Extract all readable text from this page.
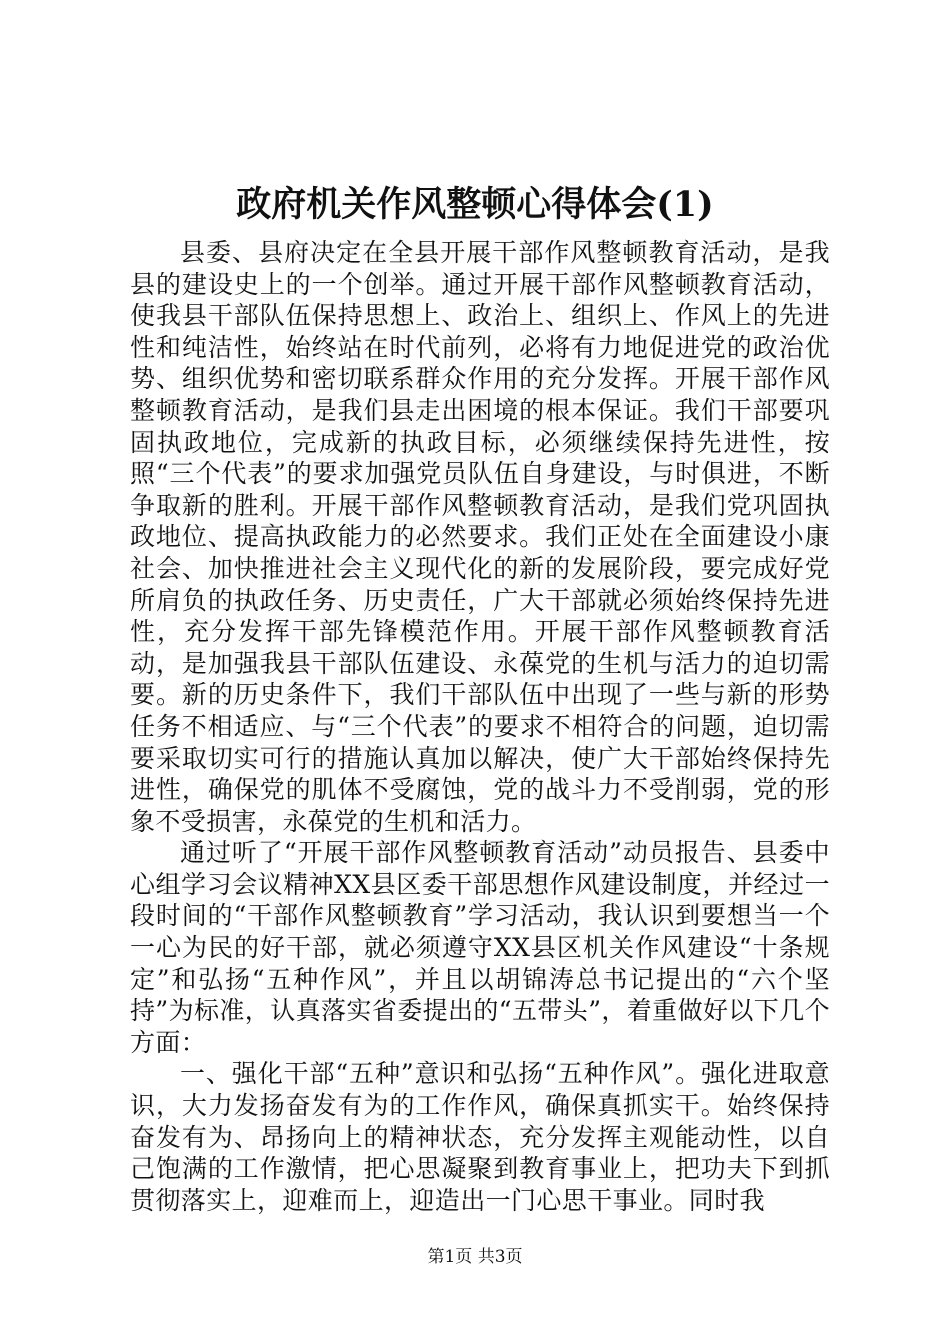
政府机关作风整顿心得体会(1)

县委、县府决定在全县开展干部作风整顿教育活动，是我县的建设史上的一个创举。通过开展干部作风整顿教育活动，使我县干部队伍保持思想上、政治上、组织上、作风上的先进性和纯洁性，始终站在时代前列，必将有力地促进党的政治优势、组织优势和密切联系群众作用的充分发挥。开展干部作风整顿教育活动，是我们县走出困境的根本保证。我们干部要巩固执政地位，完成新的执政目标，必须继续保持先进性，按照“三个代表”的要求加强党员队伍自身建设，与时俱进，不断争取新的胜利。开展干部作风整顿教育活动，是我们党巩固执政地位、提高执政能力的必然要求。我们正处在全面建设小康社会、加快推进社会主义现代化的新的发展阶段，要完成好党所肩负的执政任务、历史责任，广大干部就必须始终保持先进性，充分发挥干部先锋模范作用。开展干部作风整顿教育活动，是加强我县干部队伍建设、永葆党的生机与活力的迫切需要。新的历史条件下，我们干部队伍中出现了一些与新的形势任务不相适应、与“三个代表”的要求不相符合的问题，迫切需要采取切实可行的措施认真加以解决，使广大干部始终保持先进性，确保党的肌体不受腐蚀，党的战斗力不受削弱，党的形象不受损害，永葆党的生机和活力。

通过听了“开展干部作风整顿教育活动”动员报告、县委中心组学习会议精神XX县区委干部思想作风建设制度，并经过一段时间的“干部作风整顿教育”学习活动，我认识到要想当一个一心为民的好干部，就必须遵守XX县区机关作风建设“十条规定”和弘扬“五种作风”，并且以胡锦涛总书记提出的“六个坚持”为标准，认真落实省委提出的“五带头”，着重做好以下几个方面：

一、强化干部“五种”意识和弘扬“五种作风”。强化进取意识，大力发扬奋发有为的工作作风，确保真抓实干。始终保持奋发有为、昂扬向上的精神状态，充分发挥主观能动性，以自己饱满的工作激情，把心思凝聚到教育事业上，把功夫下到抓贯彻落实上，迎难而上，迎造出一门心思干事业。同时我

第1页 共3页
